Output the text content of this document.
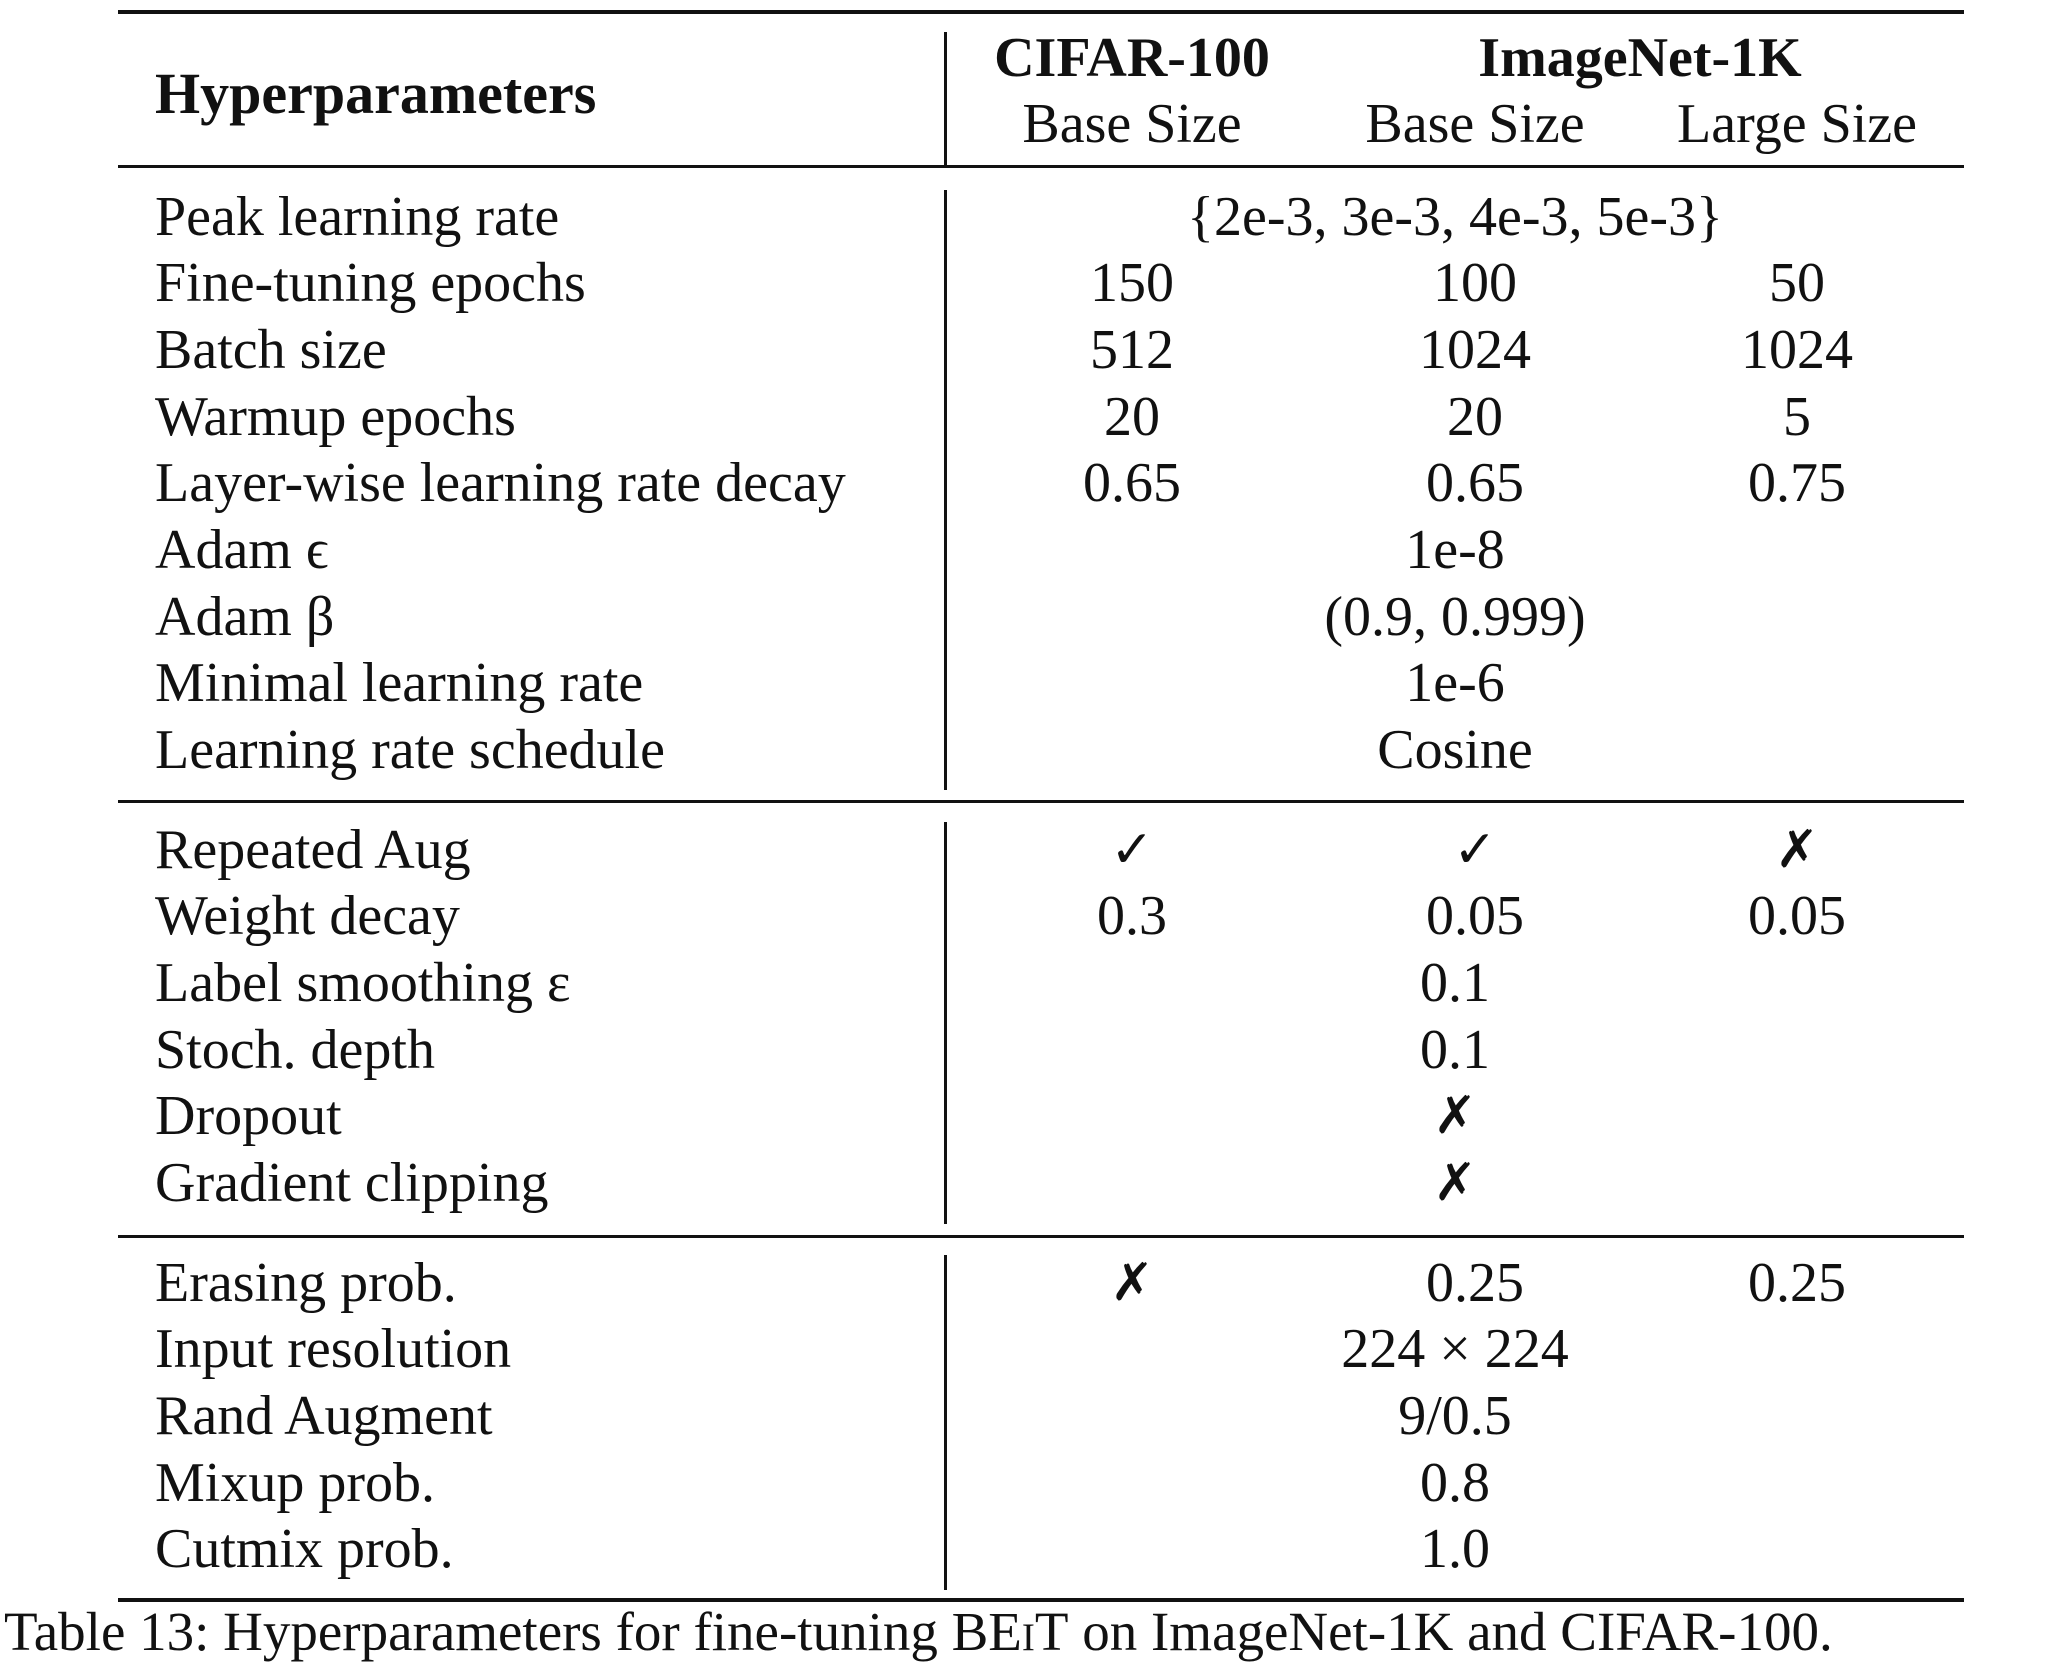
Hyperparameters
CIFAR-100	ImageNet-1K
Base Size Base Size Large Size
Peak learning rate	{2e-3, 3e-3, 4e-3, 5e-3}
Fine-tuning epochs	150	100	50
Batch size	512	1024	1024
Warmup epochs	20	20	5
Layer-wise learning rate decay	0.65	0.65	0.75
Adam ϵ	1e-8
Adam β	(0.9, 0.999)
Minimal learning rate	1e-6
Learning rate schedule	Cosine
Repeated Aug	✓	✓	✗
Weight decay	0.3	0.05	0.05
Label smoothing ε	0.1
Stoch. depth	0.1
Dropout	✗
Gradient clipping	✗
Erasing prob.	✗	0.25	0.25
Input resolution	224 × 224
Rand Augment	9/0.5
Mixup prob.	0.8
Cutmix prob.	1.0
Table 13: Hyperparameters for fine-tuning BEiT on ImageNet-1K and CIFAR-100.
